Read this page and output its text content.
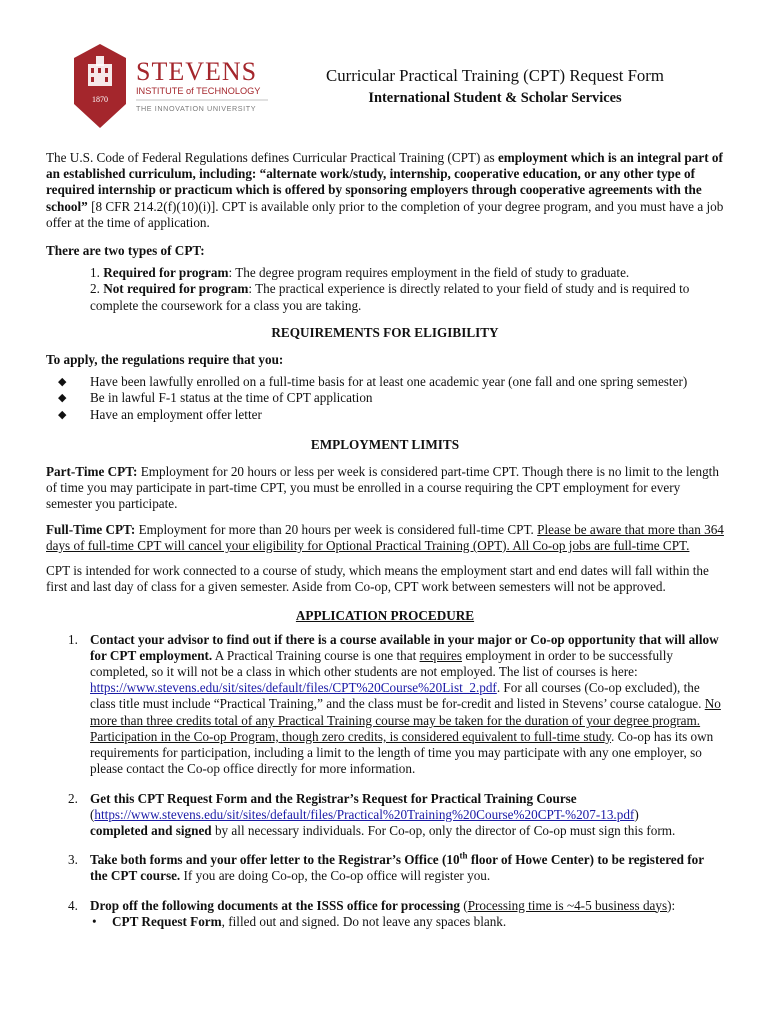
1870
STEVENS
INSTITUTE of TECHNOLOGY
THE INNOVATION UNIVERSITY
Curricular Practical Training (CPT) Request Form
International Student & Scholar Services

The U.S. Code of Federal Regulations defines Curricular Practical Training (CPT) as employment which is an integral part of an established curriculum, including: “alternate work/study, internship, cooperative education, or any other type of required internship or practicum which is offered by sponsoring employers through cooperative agreements with the school” [8 CFR 214.2(f)(10)(i)]. CPT is available only prior to the completion of your degree program, and you must have a job offer at the time of application.

There are two types of CPT:

1. Required for program: The degree program requires employment in the field of study to graduate.

2. Not required for program: The practical experience is directly related to your field of study and is required to complete the coursework for a class you are taking.

REQUIREMENTS FOR ELIGIBILITY

To apply, the regulations require that you:

◆ Have been lawfully enrolled on a full-time basis for at least one academic year (one fall and one spring semester)
◆ Be in lawful F-1 status at the time of CPT application
◆ Have an employment offer letter

EMPLOYMENT LIMITS

Part-Time CPT: Employment for 20 hours or less per week is considered part-time CPT. Though there is no limit to the length of time you may participate in part-time CPT, you must be enrolled in a course requiring the CPT employment for every semester you participate.

Full-Time CPT: Employment for more than 20 hours per week is considered full-time CPT. Please be aware that more than 364 days of full-time CPT will cancel your eligibility for Optional Practical Training (OPT). All Co-op jobs are full-time CPT.

CPT is intended for work connected to a course of study, which means the employment start and end dates will fall within the first and last day of class for a given semester. Aside from Co-op, CPT work between semesters will not be approved.

APPLICATION PROCEDURE

1. Contact your advisor to find out if there is a course available in your major or Co-op opportunity that will allow for CPT employment. A Practical Training course is one that requires employment in order to be successfully completed, so it will not be a class in which other students are not employed. The list of courses is here: https://www.stevens.edu/sit/sites/default/files/CPT%20Course%20List_2.pdf. For all courses (Co-op excluded), the class title must include “Practical Training,” and the class must be for-credit and listed in Stevens’ course catalogue. No more than three credits total of any Practical Training course may be taken for the duration of your degree program. Participation in the Co-op Program, though zero credits, is considered equivalent to full-time study. Co-op has its own requirements for participation, including a limit to the length of time you may participate with any one employer, so please contact the Co-op office directly for more information.
2. Get this CPT Request Form and the Registrar’s Request for Practical Training Course
(https://www.stevens.edu/sit/sites/default/files/Practical%20Training%20Course%20CPT-%207-13.pdf)
completed and signed by all necessary individuals. For Co-op, only the director of Co-op must sign this form.
3. Take both forms and your offer letter to the Registrar’s Office (10th floor of Howe Center) to be registered for the CPT course. If you are doing Co-op, the Co-op office will register you.
4. Drop off the following documents at the ISSS office for processing (Processing time is ~4-5 business days):
• CPT Request Form, filled out and signed. Do not leave any spaces blank.
